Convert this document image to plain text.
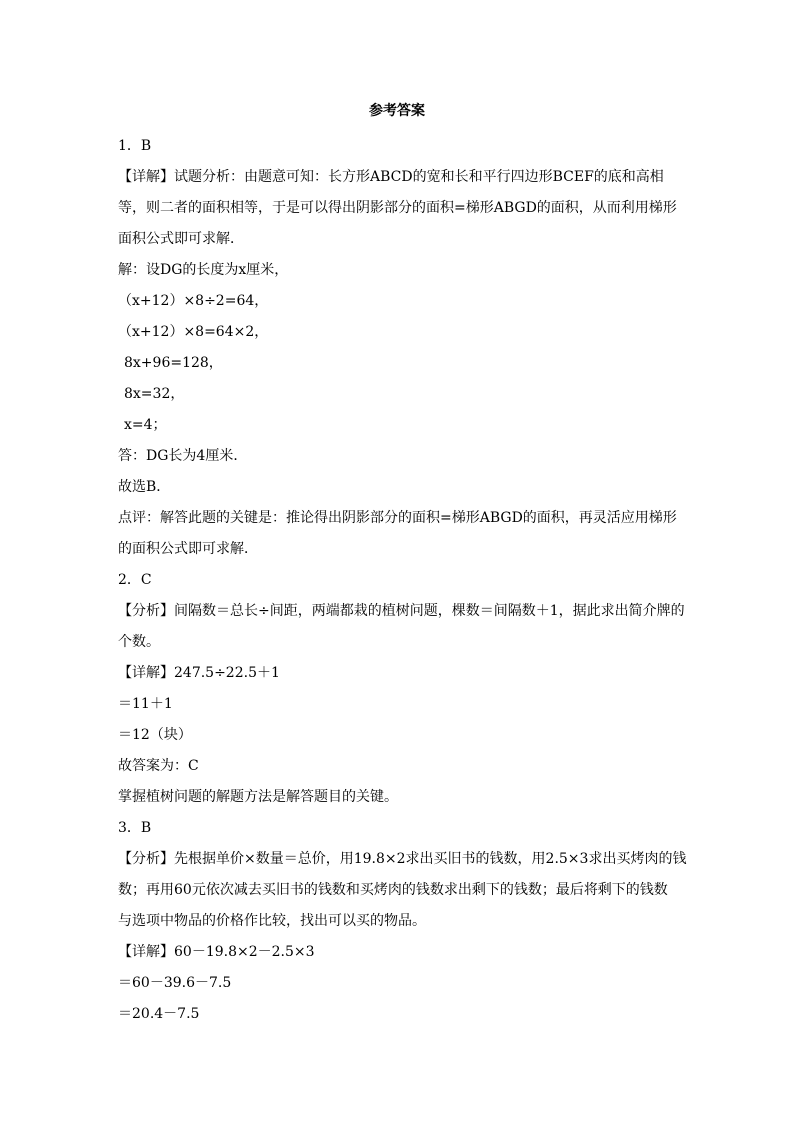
参考答案
1．B
【详解】试题分析：由题意可知：长方形ABCD的宽和长和平行四边形BCEF的底和高相
等，则二者的面积相等，于是可以得出阴影部分的面积=梯形ABGD的面积，从而利用梯形
面积公式即可求解．
解：设DG的长度为x厘米，
（x+12）×8÷2=64，
（x+12）×8=64×2，
8x+96=128，
8x=32，
x=4；
答：DG长为4厘米．
故选B．
点评：解答此题的关键是：推论得出阴影部分的面积=梯形ABGD的面积，再灵活应用梯形
的面积公式即可求解．
2．C
【分析】间隔数＝总长÷间距，两端都栽的植树问题，棵数＝间隔数＋1，据此求出简介牌的
个数。
【详解】247.5÷22.5＋1
＝11＋1
＝12（块）
故答案为：C
掌握植树问题的解题方法是解答题目的关键。
3．B
【分析】先根据单价×数量＝总价，用19.8×2求出买旧书的钱数，用2.5×3求出买烤肉的钱
数；再用60元依次减去买旧书的钱数和买烤肉的钱数求出剩下的钱数；最后将剩下的钱数
与选项中物品的价格作比较，找出可以买的物品。
【详解】60－19.8×2－2.5×3
＝60－39.6－7.5
＝20.4－7.5
